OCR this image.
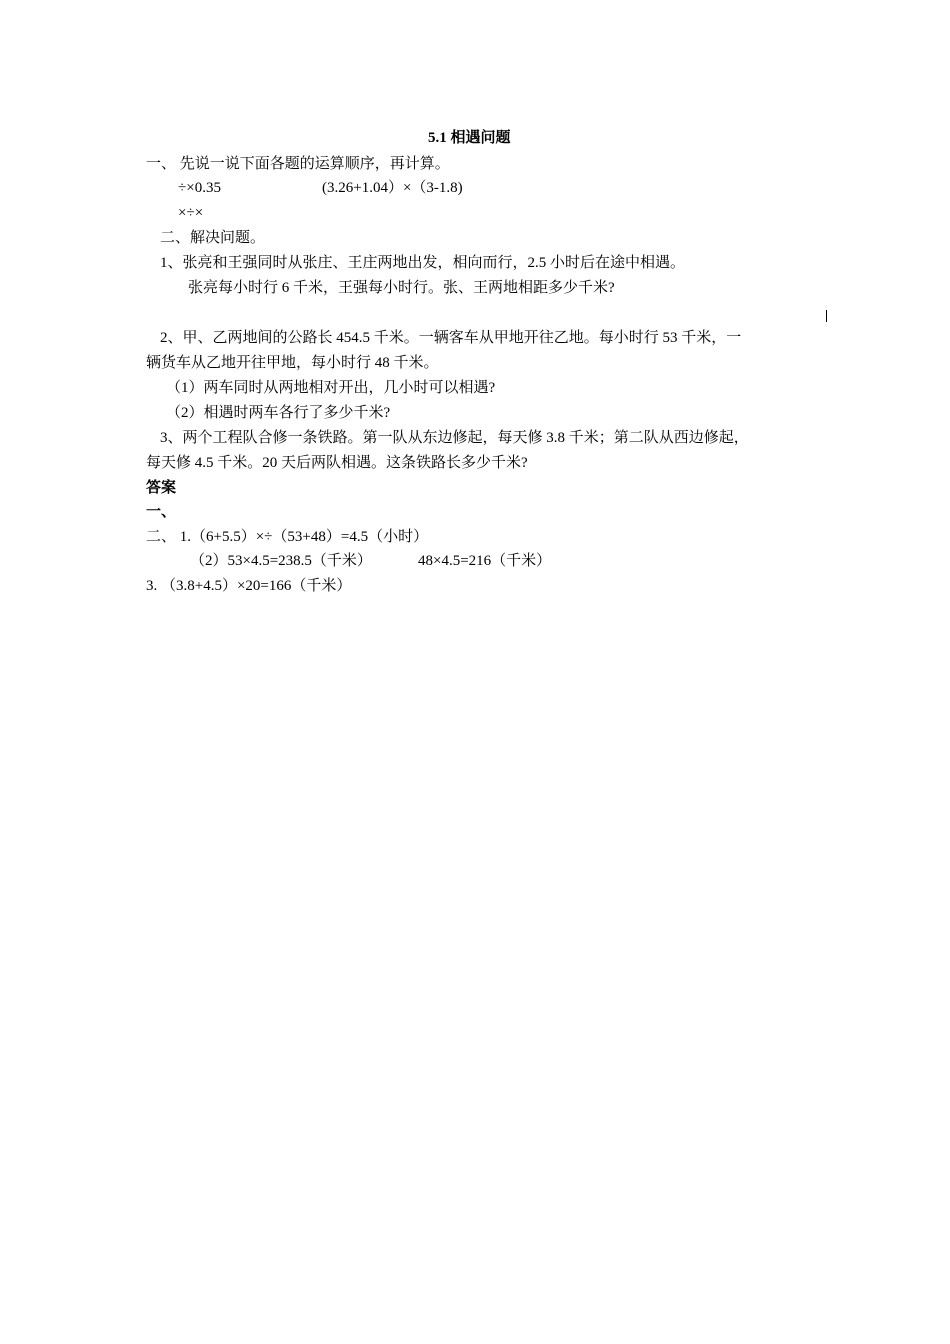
5.1 相遇问题
一、 先说一说下面各题的运算顺序，再计算。
÷×0.35	(3.26+1.04）×（3-1.8)
×÷×
二、解决问题。
1、张亮和王强同时从张庄、王庄两地出发，相向而行，2.5 小时后在途中相遇。
张亮每小时行 6 千米，王强每小时行。张、王两地相距多少千米?
2、甲、乙两地间的公路长 454.5 千米。一辆客车从甲地开往乙地。每小时行 53 千米，一
辆货车从乙地开往甲地，每小时行 48 千米。
（1）两车同时从两地相对开出，几小时可以相遇?
（2）相遇时两车各行了多少千米?
3、两个工程队合修一条铁路。第一队从东边修起，每天修 3.8 千米；第二队从西边修起，
每天修 4.5 千米。20 天后两队相遇。这条铁路长多少千米?
答案
一、
二、 1.（6+5.5）×÷（53+48）=4.5（小时）
（2）53×4.5=238.5（千米）	48×4.5=216（千米）
3. （3.8+4.5）×20=166（千米）
